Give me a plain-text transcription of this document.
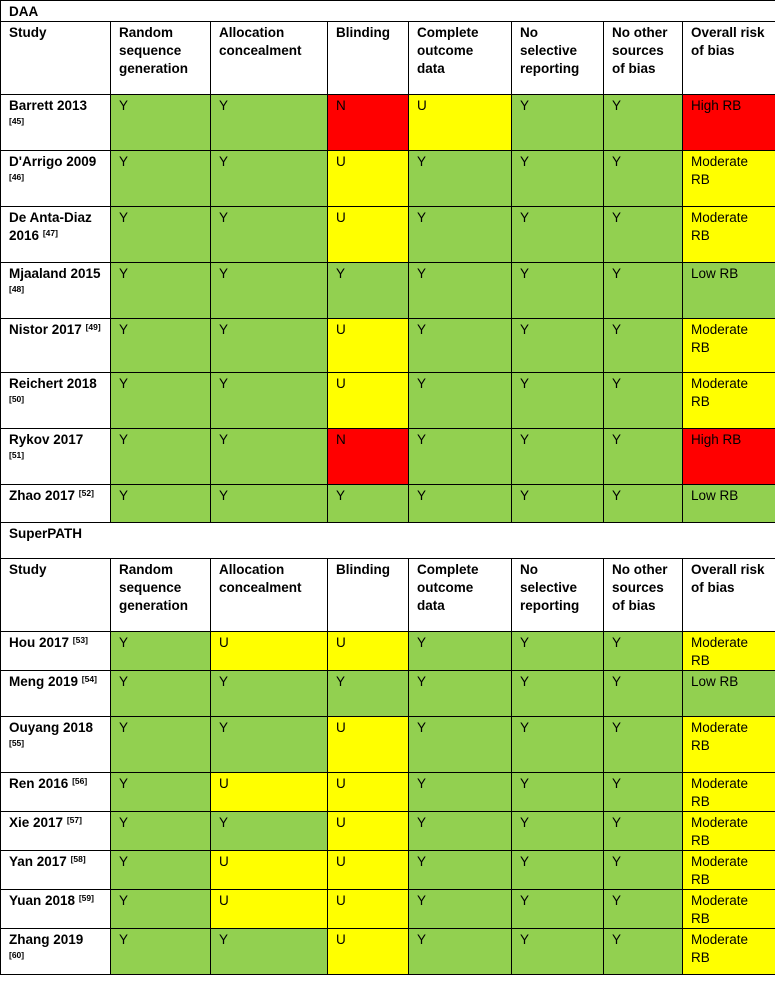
DAA							
Study	Random sequence generation	Allocation concealment	Blinding	Complete outcome data	No selective reporting	No other sources of bias	Overall risk of bias
Barrett 2013 [45]	Y	Y	N	U	Y	Y	High RB
D'Arrigo 2009 [46]	Y	Y	U	Y	Y	Y	Moderate RB
De Anta-Diaz 2016 [47]	Y	Y	U	Y	Y	Y	Moderate RB
Mjaaland 2015 [48]	Y	Y	Y	Y	Y	Y	Low RB
Nistor 2017 [49]	Y	Y	U	Y	Y	Y	Moderate RB
Reichert 2018 [50]	Y	Y	U	Y	Y	Y	Moderate RB
Rykov 2017 [51]	Y	Y	N	Y	Y	Y	High RB
Zhao 2017 [52]	Y	Y	Y	Y	Y	Y	Low RB
SuperPATH							
Study	Random sequence generation	Allocation concealment	Blinding	Complete outcome data	No selective reporting	No other sources of bias	Overall risk of bias
Hou 2017 [53]	Y	U	U	Y	Y	Y	Moderate RB
Meng 2019 [54]	Y	Y	Y	Y	Y	Y	Low RB
Ouyang 2018 [55]	Y	Y	U	Y	Y	Y	Moderate RB
Ren 2016 [56]	Y	U	U	Y	Y	Y	Moderate RB
Xie 2017 [57]	Y	Y	U	Y	Y	Y	Moderate RB
Yan 2017 [58]	Y	U	U	Y	Y	Y	Moderate RB
Yuan 2018 [59]	Y	U	U	Y	Y	Y	Moderate RB
Zhang 2019 [60]	Y	Y	U	Y	Y	Y	Moderate RB
